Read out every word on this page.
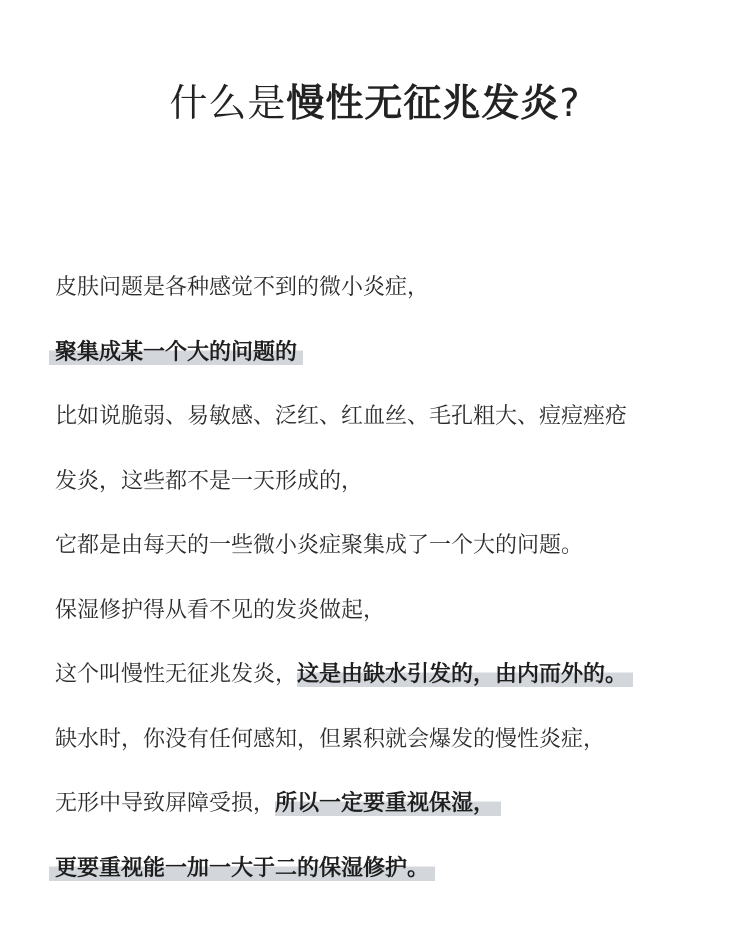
什么是慢性无征兆发炎?
皮肤问题是各种感觉不到的微小炎症，
聚集成某一个大的问题的
比如说脆弱、易敏感、泛红、红血丝、毛孔粗大、痘痘痤疮
发炎，这些都不是一天形成的，
它都是由每天的一些微小炎症聚集成了一个大的问题。
保湿修护得从看不见的发炎做起，
这个叫慢性无征兆发炎，这是由缺水引发的，由内而外的。
缺水时，你没有任何感知，但累积就会爆发的慢性炎症，
无形中导致屏障受损，所以一定要重视保湿，
更要重视能一加一大于二的保湿修护。
